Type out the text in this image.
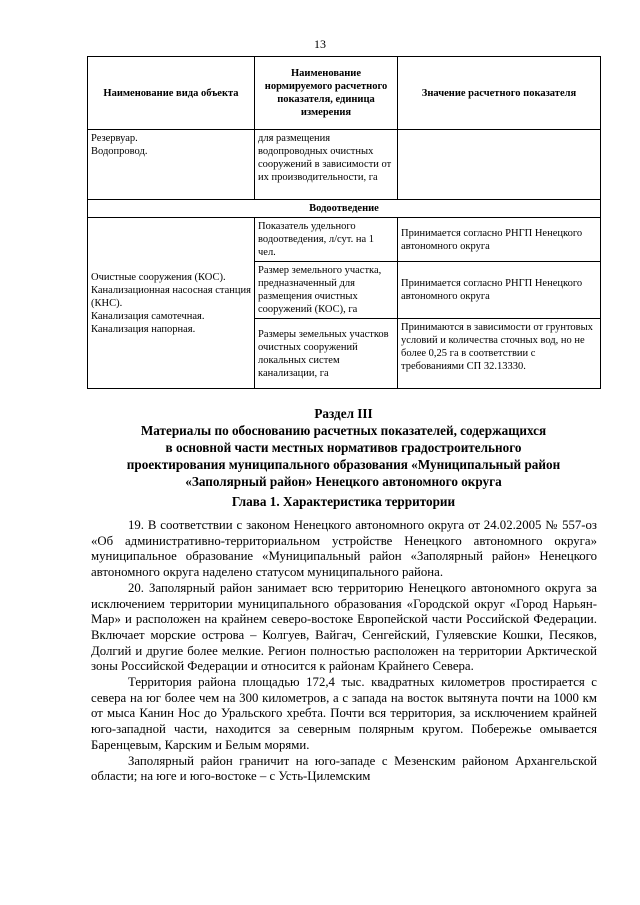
13
Наименование вида объекта	Наименование нормируемого расчетного показателя, единица измерения	Значение расчетного показателя

Резервуар.
Водопровод.	для размещения водопроводных очистных сооружений в зависимости от их производительности, га	
Водоотведение		

Очистные сооружения (КОС).
Канализационная насосная станция (КНС).
Канализация самотечная.
Канализация напорная.	Показатель удельного водоотведения, л/сут. на 1 чел.	Принимается согласно РНГП Ненецкого автономного округа
	Размер земельного участка, предназначенный для размещения очистных сооружений (КОС), га	Принимается согласно РНГП Ненецкого автономного округа
	Размеры земельных участков очистных сооружений локальных систем канализации, га	Принимаются в зависимости от грунтовых условий и количества сточных вод, но не более 0,25 га в соответствии с требованиями СП 32.13330.
Раздел III
Материалы по обоснованию расчетных показателей, содержащихся
в основной части местных нормативов градостроительного
проектирования муниципального образования «Муниципальный район
«Заполярный район» Ненецкого автономного округа
Глава 1. Характеристика территории

19. В соответствии с законом Ненецкого автономного округа от 24.02.2005 № 557-оз «Об административно-территориальном устройстве Ненецкого автономного округа» муниципальное образование «Муниципальный район «Заполярный район» Ненецкого автономного округа наделено статусом муниципального района.

20. Заполярный район занимает всю территорию Ненецкого автономного округа за исключением территории муниципального образования «Городской округ «Город Нарьян-Мар» и расположен на крайнем северо-востоке Европейской части Российской Федерации. Включает морские острова – Колгуев, Вайгач, Сенгейский, Гуляевские Кошки, Песяков, Долгий и другие более мелкие. Регион полностью расположен на территории Арктической зоны Российской Федерации и относится к районам Крайнего Севера.

Территория района площадью 172,4 тыс. квадратных километров простирается с севера на юг более чем на 300 километров, а с запада на восток вытянута почти на 1000 км от мыса Канин Нос до Уральского хребта. Почти вся территория, за исключением крайней юго-западной части, находится за северным полярным кругом. Побережье омывается Баренцевым, Карским и Белым морями.

Заполярный район граничит на юго-западе с Мезенским районом Архангельской области; на юге и юго-востоке – с Усть-Цилемским
